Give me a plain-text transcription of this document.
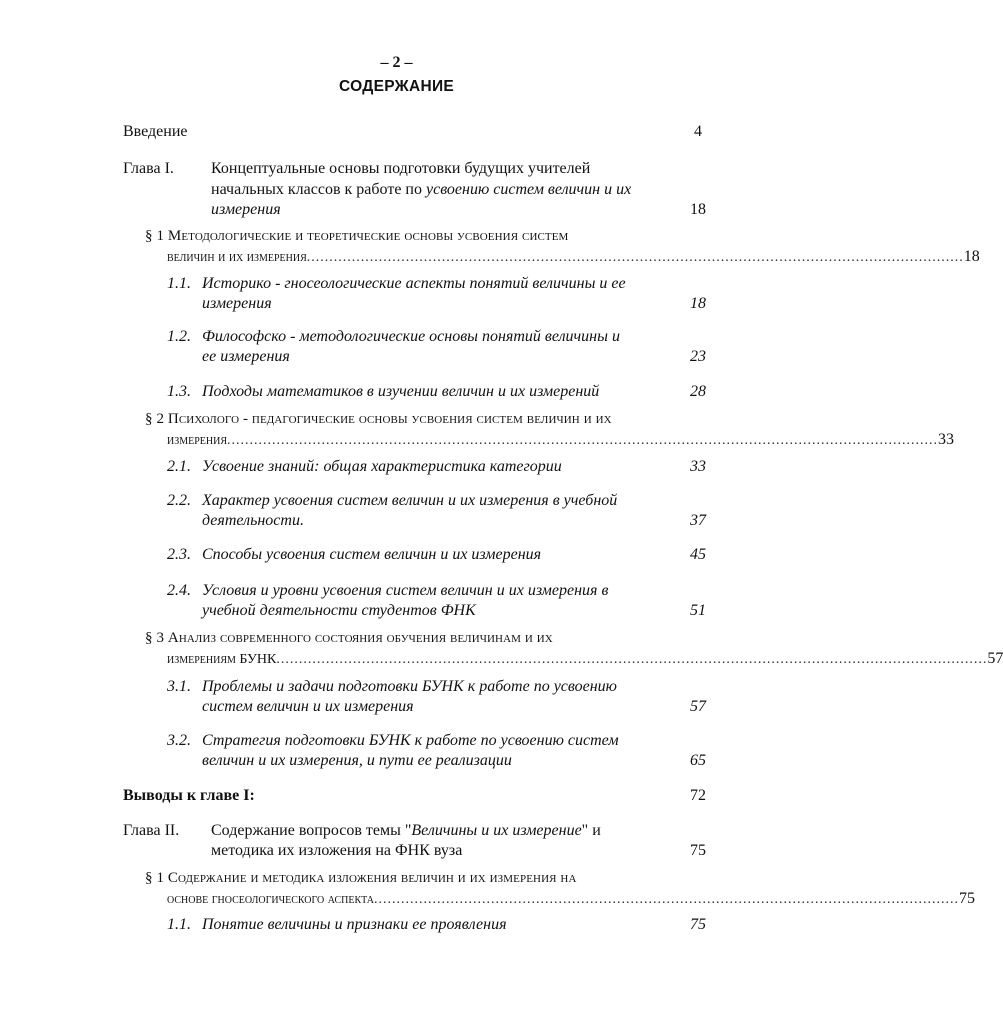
– 2 –
СОДЕРЖАНИЕ
Введение	4
Глава I. Концептуальные основы подготовки будущих учителей
начальных классов к работе по усвоению систем величин и их
измерения	18
§ 1 Методологические и теоретические основы усвоения систем
величин и их измерения .................................................................................................................................................. 18
1.1. Историко - гносеологические аспекты понятий величины и ее
измерения	18
1.2. Философско - методологические основы понятий величины и
ее измерения	23
1.3. Подходы математиков в изучении величин и их измерений	28
§ 2 Психолого - педагогические основы усвоения систем величин и их
измерения .............................................................................................................................................................. 33
2.1. Усвоение знаний: общая характеристика категории	33
2.2. Характер усвоения систем величин и их измерения в учебной
деятельности.	37
2.3. Способы усвоения систем величин и их измерения	45
2.4. Условия и уровни усвоения систем величин и их измерения в
учебной деятельности студентов ФНК	51
§ 3 Анализ современного состояния обучения величинам и их
измерениям БУНК .............................................................................................................................................................. 57
3.1. Проблемы и задачи подготовки БУНК к работе по усвоению
систем величин и их измерения	57
3.2. Стратегия подготовки БУНК к работе по усвоению систем
величин и их измерения, и пути ее реализации	65
Выводы к главе I:	72
Глава II. Содержание вопросов темы "Величины и их измерение" и
методика их изложения на ФНК вуза	75
§ 1 Содержание и методика изложения величин и их измерения на
основе гносеологического аспекта .................................................................................................................................. 75
1.1. Понятие величины и признаки ее проявления	75
